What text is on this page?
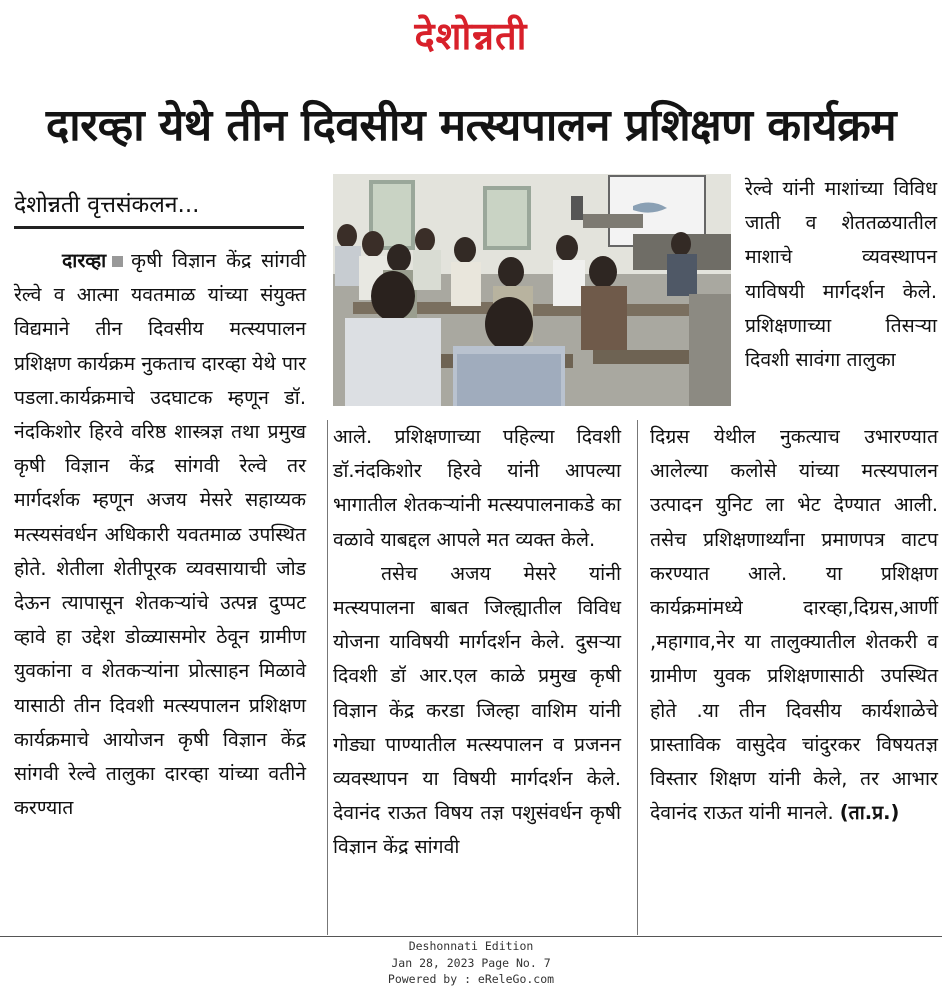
देशोन्नती
दारव्हा येथे तीन दिवसीय मत्स्यपालन प्रशिक्षण कार्यक्रम
देशोन्नती वृत्तसंकलन...
दारव्हा कृषी विज्ञान केंद्र सांगवी रेल्वे व आत्मा यवतमाळ यांच्या संयुक्त विद्यमाने तीन दिवसीय मत्स्यपालन प्रशिक्षण कार्यक्रम नुकताच दारव्हा येथे पार पडला.कार्यक्रमाचे उदघाटक म्हणून डॉ. नंदकिशोर हिरवे वरिष्ठ शास्त्रज्ञ तथा प्रमुख कृषी विज्ञान केंद्र सांगवी रेल्वे तर मार्गदर्शक म्हणून अजय मेसरे सहाय्यक मत्स्यसंवर्धन अधिकारी यवतमाळ उपस्थित होते. शेतीला शेतीपूरक व्यवसायाची जोड देऊन त्यापासून शेतकऱ्यांचे उत्पन्न दुप्पट व्हावे हा उद्देश डोळ्यासमोर ठेवून ग्रामीण युवकांना व शेतकऱ्यांना प्रोत्साहन मिळावे यासाठी तीन दिवशी मत्स्यपालन प्रशिक्षण कार्यक्रमाचे आयोजन कृषी विज्ञान केंद्र सांगवी रेल्वे तालुका दारव्हा यांच्या वतीने करण्यात

आले. प्रशिक्षणाच्या पहिल्या दिवशी डॉ.नंदकिशोर हिरवे यांनी आपल्या भागातील शेतकऱ्यांनी मत्स्यपालनाकडे का वळावे याबद्दल आपले मत व्यक्त केले.

तसेच अजय मेसरे यांनी मत्स्यपालना बाबत जिल्ह्यातील विविध योजना याविषयी मार्गदर्शन केले. दुसऱ्या दिवशी डॉ आर.एल काळे प्रमुख कृषी विज्ञान केंद्र करडा जिल्हा वाशिम यांनी गोड्या पाण्यातील मत्स्यपालन व प्रजनन व्यवस्थापन या विषयी मार्गदर्शन केले. देवानंद राऊत विषय तज्ञ पशुसंवर्धन कृषी विज्ञान केंद्र सांगवी

रेल्वे यांनी माशांच्या विविध जाती व शेततळयातील माशाचे व्यवस्थापन याविषयी मार्गदर्शन केले. प्रशिक्षणाच्या तिसऱ्या दिवशी सावंगा तालुका
दिग्रस येथील नुकत्याच उभारण्यात आलेल्या कलोसे यांच्या मत्स्यपालन उत्पादन युनिट ला भेट देण्यात आली. तसेच प्रशिक्षणार्थ्यांना प्रमाणपत्र वाटप करण्यात आले. या प्रशिक्षण कार्यक्रमांमध्ये दारव्हा,दिग्रस,आर्णी ,महागाव,नेर या तालुक्यातील शेतकरी व ग्रामीण युवक प्रशिक्षणासाठी उपस्थित होते .या तीन दिवसीय कार्यशाळेचे प्रास्ताविक वासुदेव चांदुरकर विषयतज्ञ विस्तार शिक्षण यांनी केले, तर आभार देवानंद राऊत यांनी मानले. (ता.प्र.)
Deshonnati Edition
Jan 28, 2023 Page No. 7
Powered by : eReleGo.com
